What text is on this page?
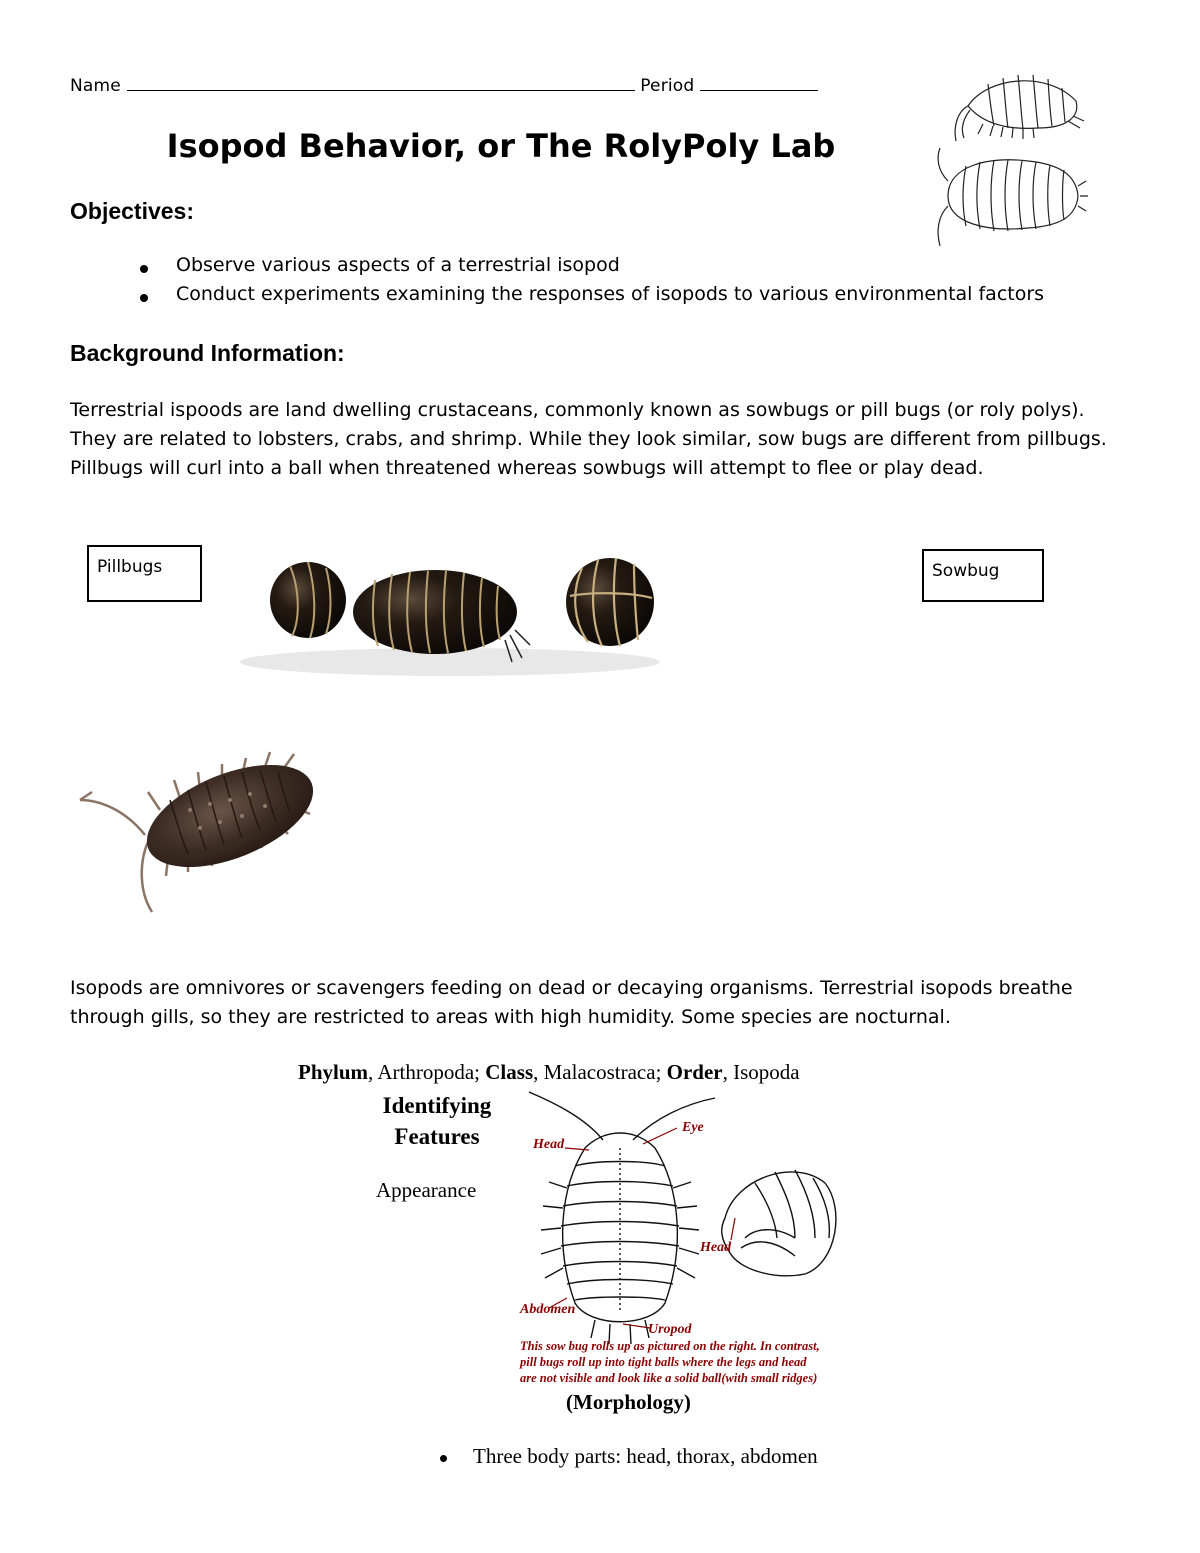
Name	Period
Isopod Behavior, or The RolyPoly Lab
Objectives:
Observe various aspects of a terrestrial isopod
Conduct experiments examining the responses of isopods to various environmental factors
Background Information:
Terrestrial ispoods are land dwelling crustaceans, commonly known as sowbugs or pill bugs (or roly polys).
They are related to lobsters, crabs, and shrimp. While they look similar, sow bugs are different from pillbugs.
Pillbugs will curl into a ball when threatened whereas sowbugs will attempt to flee or play dead.
Pillbugs	Sowbug
Isopods are omnivores or scavengers feeding on dead or decaying organisms. Terrestrial isopods breathe
through gills, so they are restricted to areas with high humidity. Some species are nocturnal.
Phylum, Arthropoda; Class, Malacostraca; Order, Isopoda
Identifying
Features
Appearance
Head
Eye
Head
Abdomen
Uropod
This sow bug rolls up as pictured on the right. In contrast,
pill bugs roll up into tight balls where the legs and head
are not visible and look like a solid ball(with small ridges)
(Morphology)
Three body parts: head, thorax, abdomen
